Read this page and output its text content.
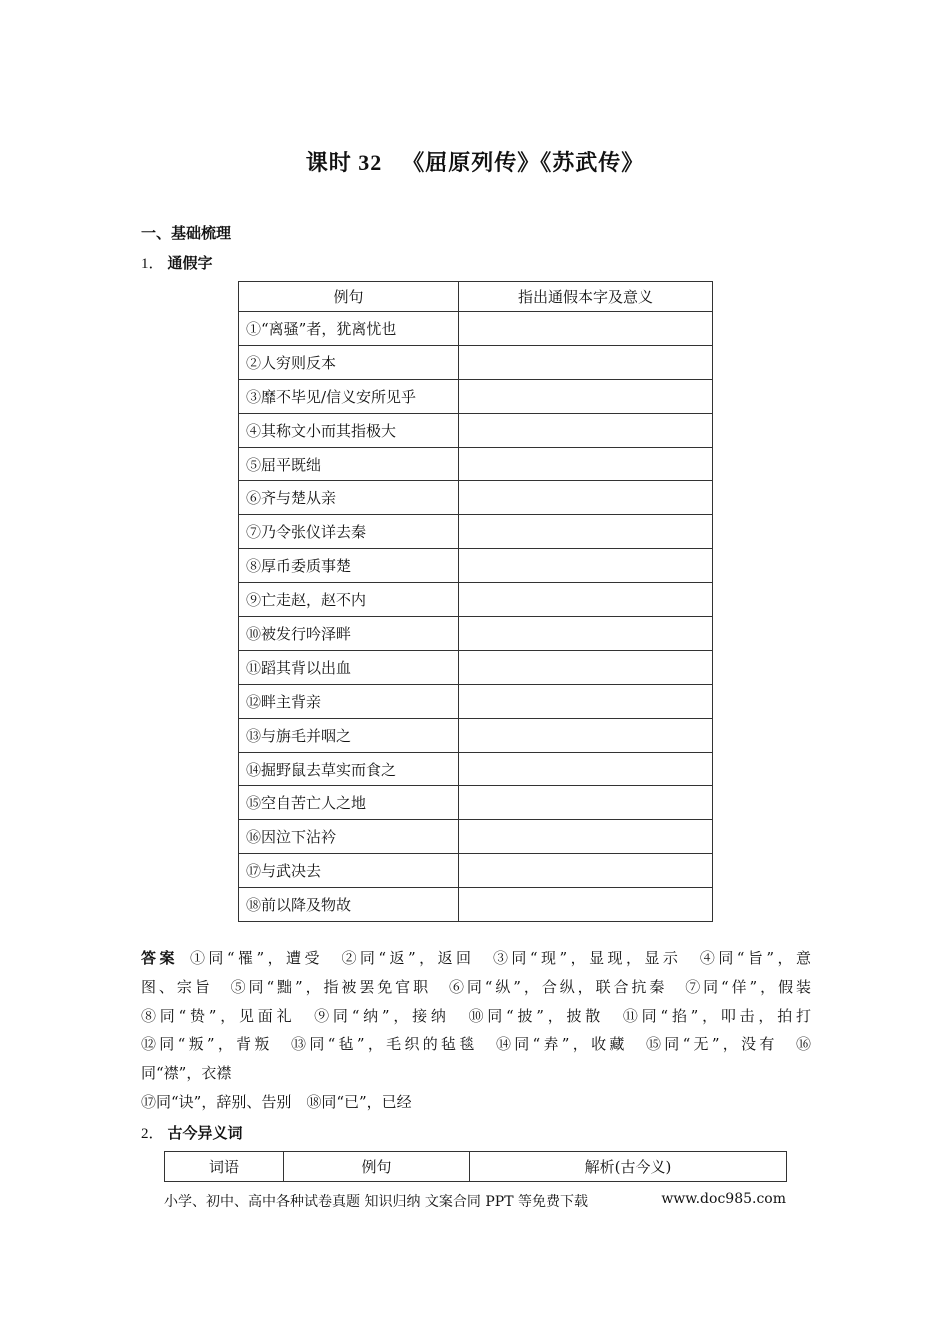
课时 32 《屈原列传》《苏武传》
一、基础梳理
1． 通假字
例句	指出通假本字及意义
①“离骚”者，犹离忧也	
②人穷则反本	
③靡不毕见/信义安所见乎	
④其称文小而其指极大	
⑤屈平既绌	
⑥齐与楚从亲	
⑦乃令张仪详去秦	
⑧厚币委质事楚	
⑨亡走赵，赵不内	
⑩被发行吟泽畔	
⑪蹈其背以出血	
⑫畔主背亲	
⑬与旃毛并咽之	
⑭掘野鼠去草实而食之	
⑮空自苦亡人之地	
⑯因泣下沾衿	
⑰与武决去	
⑱前以降及物故	
答案 ①同“罹”，遭受　②同“返”，返回　③同“现”，显现，显示　④同“旨”，意
图、宗旨　⑤同“黜”，指被罢免官职　⑥同“纵”，合纵，联合抗秦　⑦同“佯”，假装
⑧同“贽”，见面礼　⑨同“纳”，接纳　⑩同“披”，披散　⑪同“掐”，叩击，拍打
⑫同“叛”，背叛　⑬同“毡”，毛织的毡毯　⑭同“弆”，收藏　⑮同“无”，没有　⑯
同“襟”，衣襟
⑰同“诀”，辞别、告别　⑱同“已”，已经
2． 古今异义词
词语	例句	解析(古今义)
小学、初中、高中各种试卷真题 知识归纳 文案合同 PPT 等免费下载	www.doc985.com
